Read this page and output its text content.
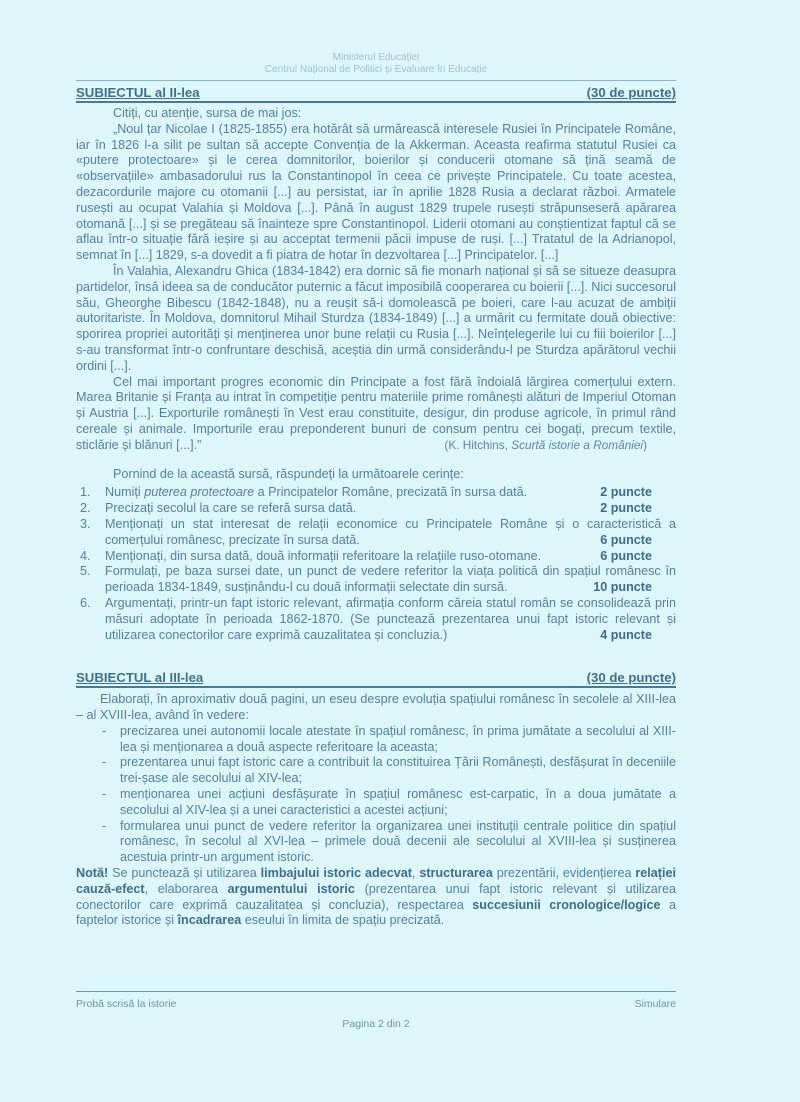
Ministerul Educației
Centrul Național de Politici și Evaluare în Educație
SUBIECTUL al II-lea	(30 de puncte)

Citiți, cu atenție, sursa de mai jos:

„Noul țar Nicolae I (1825-1855) era hotărât să urmărească interesele Rusiei în Principatele Române, iar în 1826 l-a silit pe sultan să accepte Convenția de la Akkerman. Aceasta reafirma statutul Rusiei ca «putere protectoare» și le cerea domnitorilor, boierilor și conducerii otomane să țină seamă de «observațiile» ambasadorului rus la Constantinopol în ceea ce privește Principatele. Cu toate acestea, dezacordurile majore cu otomanii [...] au persistat, iar în aprilie 1828 Rusia a declarat război. Armatele rusești au ocupat Valahia și Moldova [...]. Până în august 1829 trupele rusești străpunseseră apărarea otomană [...] și se pregăteau să înainteze spre Constantinopol. Liderii otomani au conștientizat faptul că se aflau într-o situație fără ieșire și au acceptat termenii păcii impuse de ruși. [...] Tratatul de la Adrianopol, semnat în [...] 1829, s-a dovedit a fi piatra de hotar în dezvoltarea [...] Principatelor. [...]

În Valahia, Alexandru Ghica (1834-1842) era dornic să fie monarh național și să se situeze deasupra partidelor, însă ideea sa de conducător puternic a făcut imposibilă cooperarea cu boierii [...]. Nici succesorul său, Gheorghe Bibescu (1842-1848), nu a reușit să-i domolească pe boieri, care l-au acuzat de ambiții autoritariste. În Moldova, domnitorul Mihail Sturdza (1834-1849) [...] a urmărit cu fermitate două obiective: sporirea propriei autorități și menținerea unor bune relații cu Rusia [...]. Neînțelegerile lui cu fiii boierilor [...] s-au transformat într-o confruntare deschisă, aceștia din urmă considerându-l pe Sturdza apărătorul vechii ordini [...].

Cel mai important progres economic din Principate a fost fără îndoială lărgirea comerțului extern. Marea Britanie și Franța au intrat în competiție pentru materiile prime românești alături de Imperiul Otoman și Austria [...]. Exporturile românești în Vest erau constituite, desigur, din produse agricole, în primul rând cereale și animale. Importurile erau preponderent bunuri de consum pentru cei bogați, precum textile, sticlărie și blănuri [...].”	(K. Hitchins, Scurtă istorie a României)

Pornind de la această sursă, răspundeți la următoarele cerințe:

1. Numiți puterea protectoare a Principatelor Române, precizată în sursa dată.	2 puncte
2. Precizați secolul la care se referă sursa dată.	2 puncte
3. Menționați un stat interesat de relații economice cu Principatele Române și o caracteristică a comerțului românesc, precizate în sursa dată.	6 puncte
4. Menționați, din sursa dată, două informații referitoare la relațiile ruso-otomane.	6 puncte
5. Formulați, pe baza sursei date, un punct de vedere referitor la viața politică din spațiul românesc în perioada 1834-1849, susținându-l cu două informații selectate din sursă.	10 puncte
6. Argumentați, printr-un fapt istoric relevant, afirmația conform căreia statul român se consolidează prin măsuri adoptate în perioada 1862-1870. (Se punctează prezentarea unui fapt istoric relevant și utilizarea conectorilor care exprimă cauzalitatea și concluzia.)	4 puncte
SUBIECTUL al III-lea	(30 de puncte)

Elaborați, în aproximativ două pagini, un eseu despre evoluția spațiului românesc în secolele al XIII-lea – al XVIII-lea, având în vedere:

- precizarea unei autonomii locale atestate în spațiul românesc, în prima jumătate a secolului al XIII-lea și menționarea a două aspecte referitoare la aceasta;
- prezentarea unui fapt istoric care a contribuit la constituirea Țării Românești, desfășurat în deceniile trei-șase ale secolului al XIV-lea;
- menționarea unei acțiuni desfășurate în spațiul românesc est-carpatic, în a doua jumătate a secolului al XIV-lea și a unei caracteristici a acestei acțiuni;
- formularea unui punct de vedere referitor la organizarea unei instituții centrale politice din spațiul românesc, în secolul al XVI-lea – primele două decenii ale secolului al XVIII-lea și susținerea acestuia printr-un argument istoric.

Notă! Se punctează și utilizarea limbajului istoric adecvat, structurarea prezentării, evidențierea relației cauză-efect, elaborarea argumentului istoric (prezentarea unui fapt istoric relevant și utilizarea conectorilor care exprimă cauzalitatea și concluzia), respectarea succesiunii cronologice/logice a faptelor istorice și încadrarea eseului în limita de spațiu precizată.

Probă scrisă la istorie	Simulare
Pagina 2 din 2
